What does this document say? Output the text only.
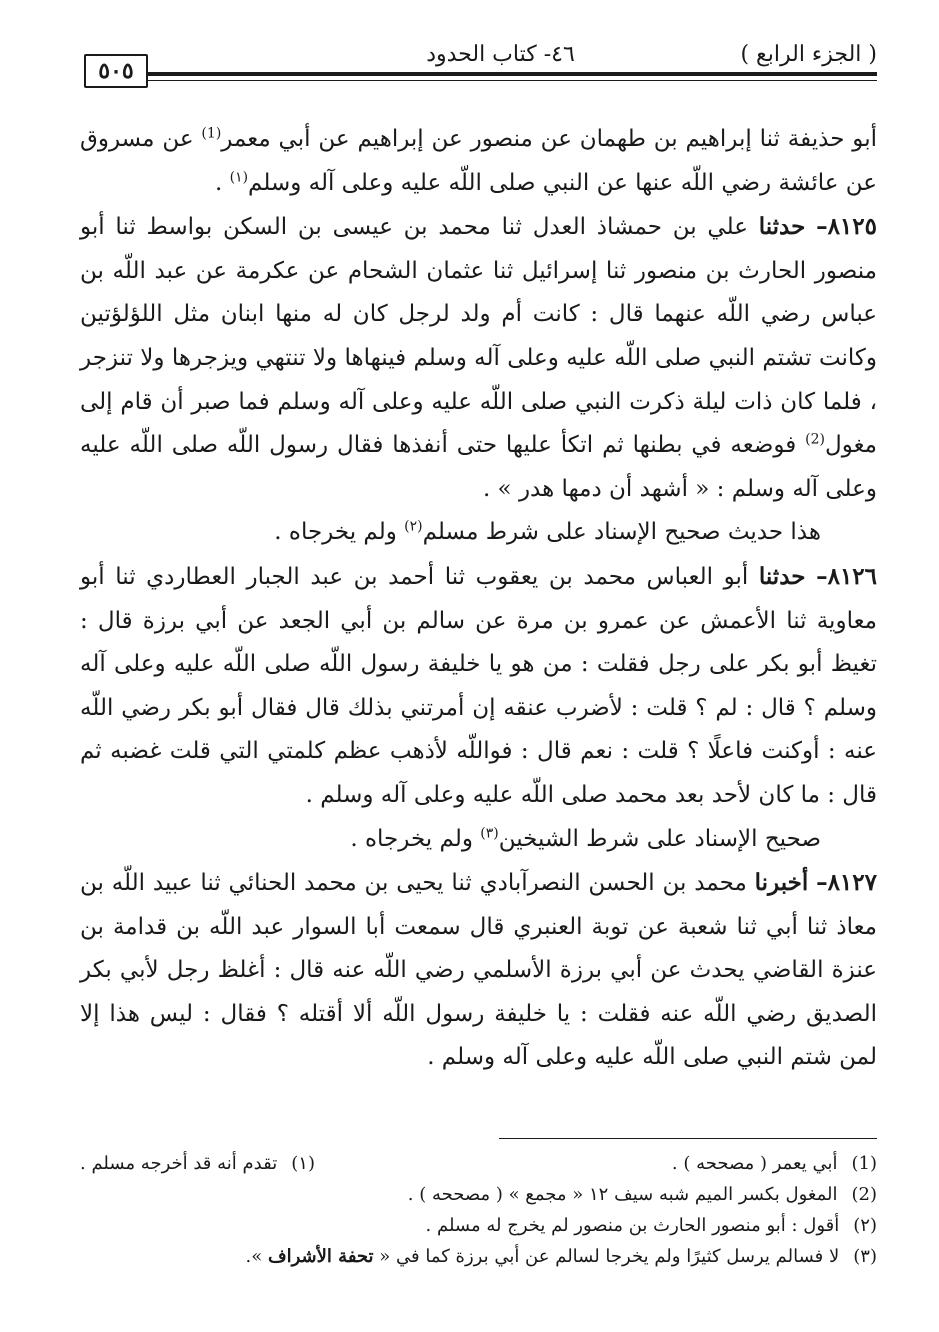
( الجزء الرابع )
٤٦- كتاب الحدود
٥٠٥

أبو حذيفة ثنا إبراهيم بن طهمان عن منصور عن إبراهيم عن أبي معمر$^{(1)}$ عن مسروق عن عائشة رضي اللّه عنها عن النبي صلى اللّه عليه وعلى آله وسلم$^{(١)}$ .

٨١٢٥– حدثنا علي بن حمشاذ العدل ثنا محمد بن عيسى بن السكن بواسط ثنا أبو منصور الحارث بن منصور ثنا إسرائيل ثنا عثمان الشحام عن عكرمة عن عبد اللّه بن عباس رضي اللّه عنهما قال : كانت أم ولد لرجل كان له منها ابنان مثل اللؤلؤتين وكانت تشتم النبي صلى اللّه عليه وعلى آله وسلم فينهاها ولا تنتهي ويزجرها ولا تنزجر ، فلما كان ذات ليلة ذكرت النبي صلى اللّه عليه وعلى آله وسلم فما صبر أن قام إلى مغول$^{(2)}$ فوضعه في بطنها ثم اتكأ عليها حتى أنفذها فقال رسول اللّه صلى اللّه عليه وعلى آله وسلم : « أشهد أن دمها هدر » .

هذا حديث صحيح الإسناد على شرط مسلم$^{(٢)}$ ولم يخرجاه .

٨١٢٦– حدثنا أبو العباس محمد بن يعقوب ثنا أحمد بن عبد الجبار العطاردي ثنا أبو معاوية ثنا الأعمش عن عمرو بن مرة عن سالم بن أبي الجعد عن أبي برزة قال : تغيظ أبو بكر على رجل فقلت : من هو يا خليفة رسول اللّه صلى اللّه عليه وعلى آله وسلم ؟ قال : لم ؟ قلت : لأضرب عنقه إن أمرتني بذلك قال فقال أبو بكر رضي اللّه عنه : أوكنت فاعلًا ؟ قلت : نعم قال : فواللّه لأذهب عظم كلمتي التي قلت غضبه ثم قال : ما كان لأحد بعد محمد صلى اللّه عليه وعلى آله وسلم .

صحيح الإسناد على شرط الشيخين$^{(٣)}$ ولم يخرجاه .

٨١٢٧– أخبرنا محمد بن الحسن النصرآبادي ثنا يحيى بن محمد الحنائي ثنا عبيد اللّه بن معاذ ثنا أبي ثنا شعبة عن توبة العنبري قال سمعت أبا السوار عبد اللّه بن قدامة بن عنزة القاضي يحدث عن أبي برزة الأسلمي رضي اللّه عنه قال : أغلظ رجل لأبي بكر الصديق رضي اللّه عنه فقلت : يا خليفة رسول اللّه ألا أقتله ؟ فقال : ليس هذا إلا لمن شتم النبي صلى اللّه عليه وعلى آله وسلم .

(1)أبي يعمر ( مصحح‍ه ) .
(١)تقدم أنه قد أخرجه مسلم .
(2)المغول بكسر الميم شبه سيف ١٢ « مجمع » ( مصححه ) .
(٢)أقول : أبو منصور الحارث بن منصور لم يخرج له مسلم .
(٣)لا فسالم يرسل كثيرًا ولم يخرجا لسالم عن أبي برزة كما في « تحفة الأشراف ».
